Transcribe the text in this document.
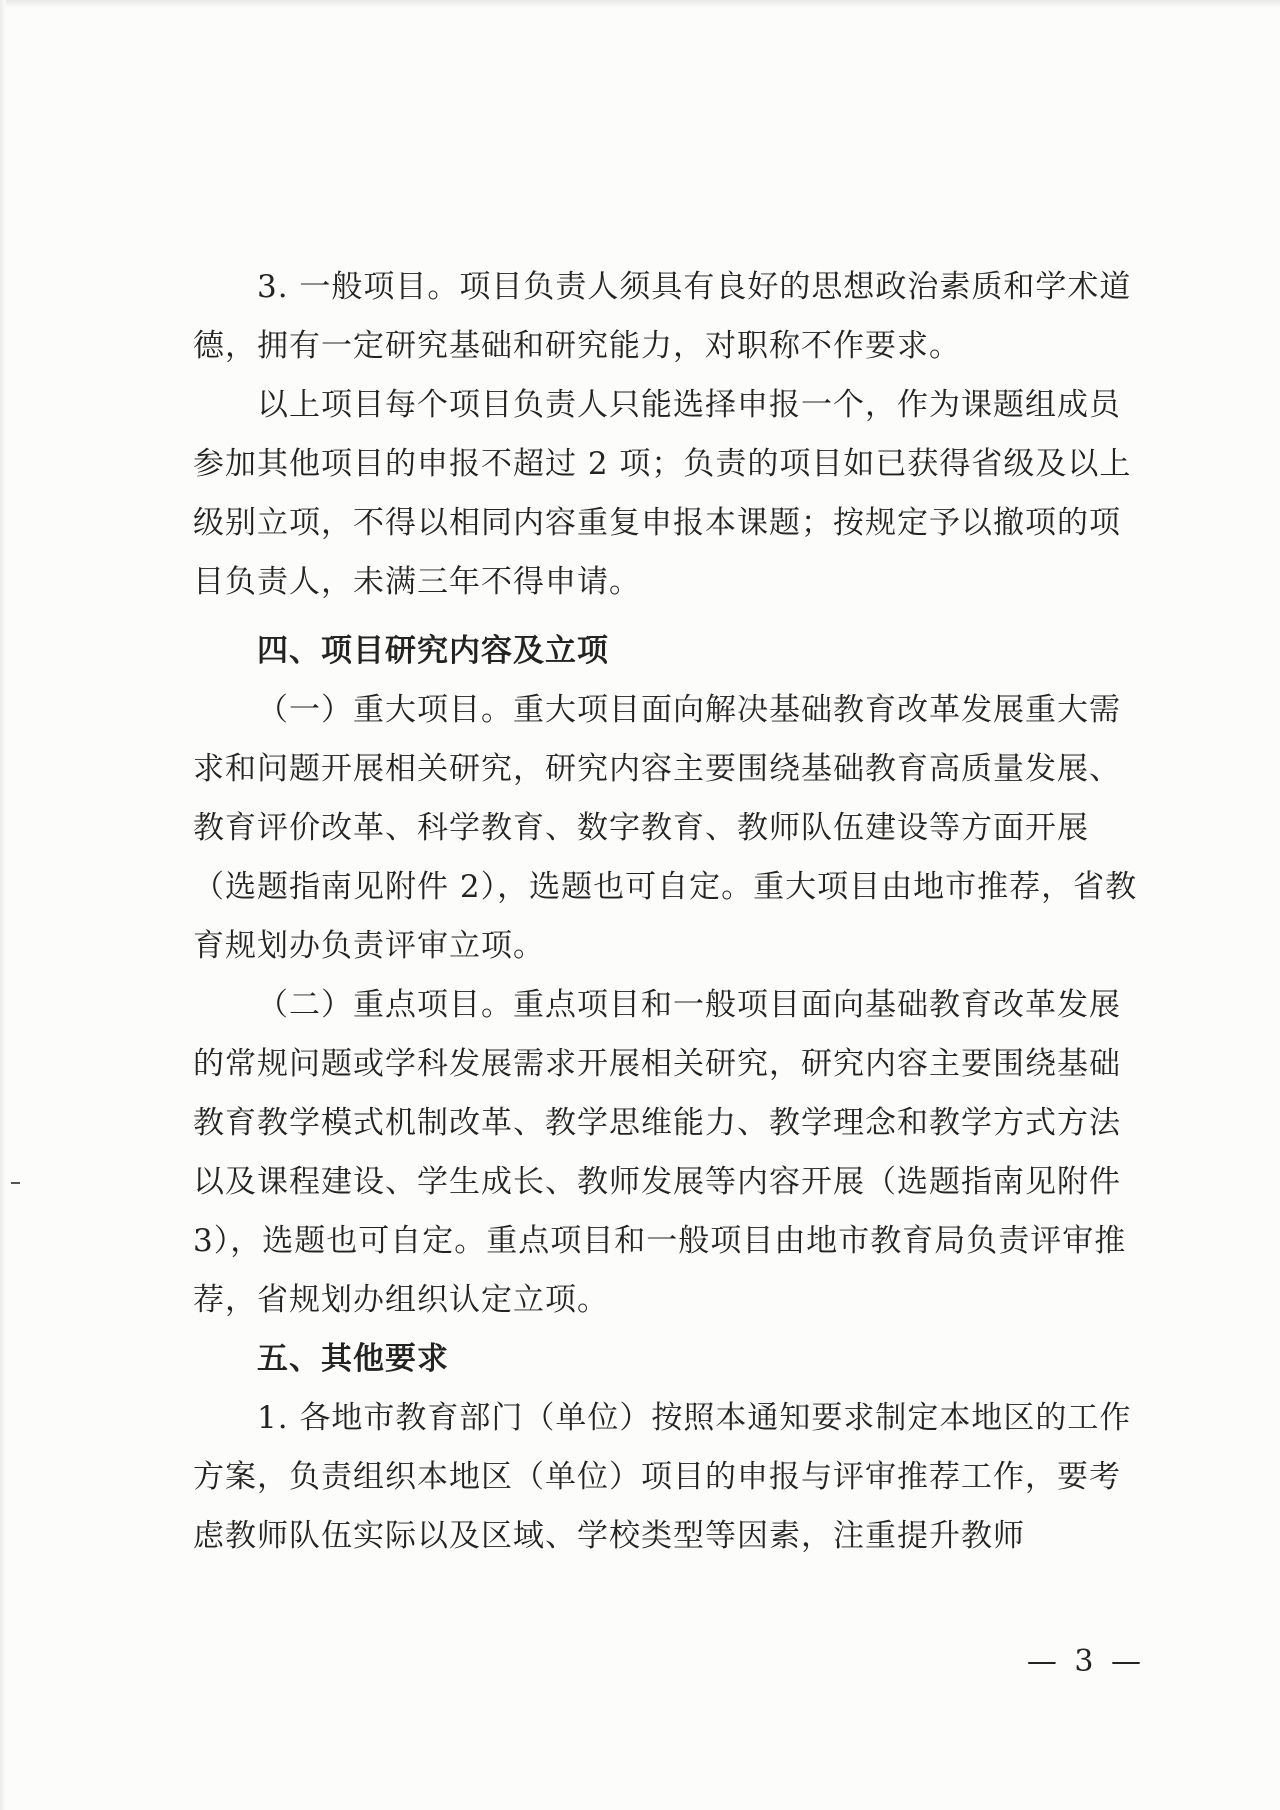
3. 一般项目。项目负责人须具有良好的思想政治素质和学术道德，拥有一定研究基础和研究能力，对职称不作要求。

以上项目每个项目负责人只能选择申报一个，作为课题组成员参加其他项目的申报不超过 2 项；负责的项目如已获得省级及以上级别立项，不得以相同内容重复申报本课题；按规定予以撤项的项目负责人，未满三年不得申请。

四、项目研究内容及立项

（一）重大项目。重大项目面向解决基础教育改革发展重大需求和问题开展相关研究，研究内容主要围绕基础教育高质量发展、教育评价改革、科学教育、数字教育、教师队伍建设等方面开展（选题指南见附件 2），选题也可自定。重大项目由地市推荐，省教育规划办负责评审立项。

（二）重点项目。重点项目和一般项目面向基础教育改革发展的常规问题或学科发展需求开展相关研究，研究内容主要围绕基础教育教学模式机制改革、教学思维能力、教学理念和教学方式方法以及课程建设、学生成长、教师发展等内容开展（选题指南见附件 3），选题也可自定。重点项目和一般项目由地市教育局负责评审推荐，省规划办组织认定立项。

五、其他要求

1. 各地市教育部门（单位）按照本通知要求制定本地区的工作方案，负责组织本地区（单位）项目的申报与评审推荐工作，要考虑教师队伍实际以及区域、学校类型等因素，注重提升教师

— 3 —
